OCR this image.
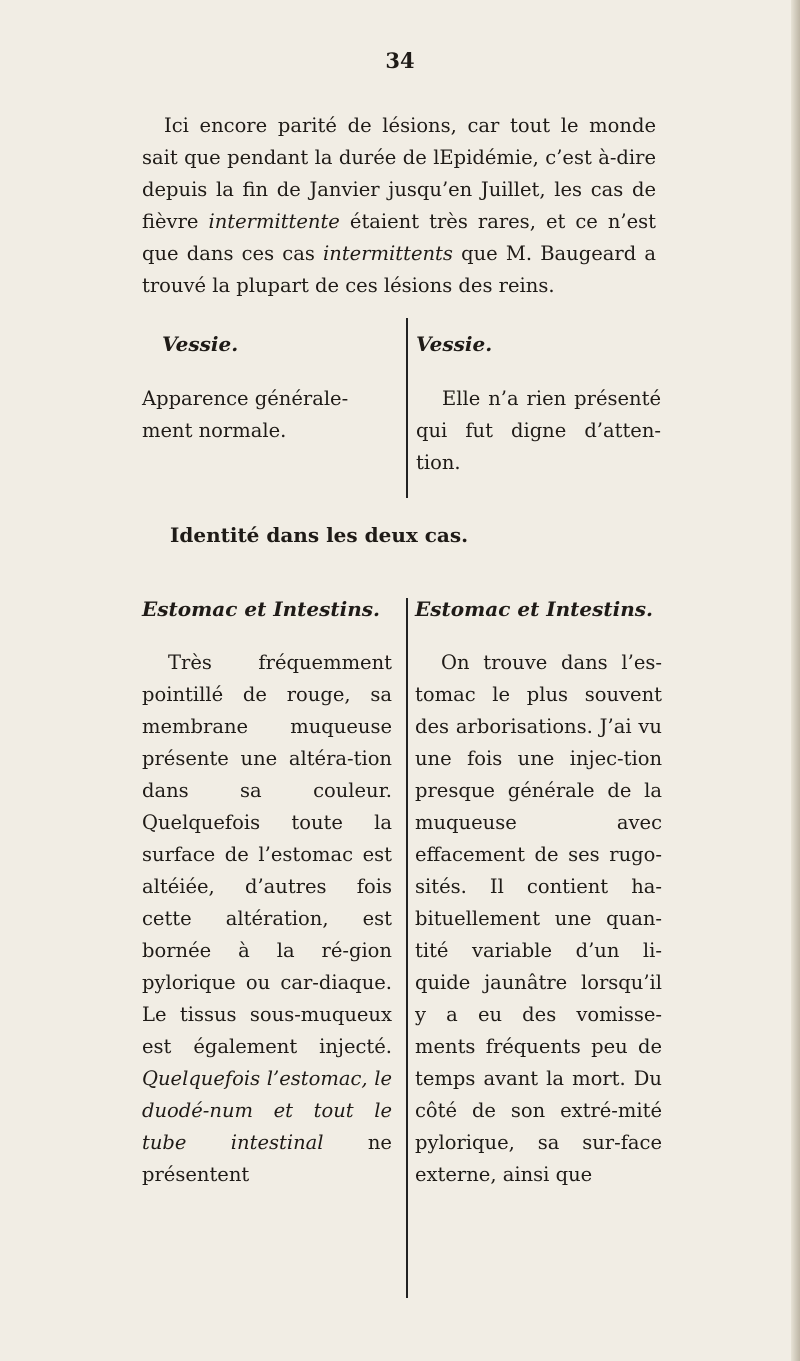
34

Ici encore parité de lésions, car tout le monde sait que pendant la durée de lEpidémie, c’est à-dire depuis la fin de Janvier jusqu’en Juillet, les cas de fièvre intermittente étaient très rares, et ce n’est que dans ces cas intermittents que M. Baugeard a trouvé la plupart de ces lésions des reins.

Vessie.

Apparence générale-ment normale.

Vessie.

Elle n’a rien présenté qui fut digne d’atten-tion.

Identité dans les deux cas.

Estomac et Intestins.

Très fréquemment pointillé de rouge, sa membrane muqueuse présente une altéra-tion dans sa couleur. Quelquefois toute la surface de l’estomac est altéiée, d’autres fois cette altération, est bornée à la ré-gion pylorique ou car-diaque. Le tissus sous-muqueux est également injecté. Quelquefois l’estomac, le duodé-num et tout le tube intestinal ne présentent

Estomac et Intestins.

On trouve dans l’es-tomac le plus souvent des arborisations. J’ai vu une fois une injec-tion presque générale de la muqueuse avec effacement de ses rugo-sités. Il contient ha-bituellement une quan-tité variable d’un li-quide jaunâtre lorsqu’il y a eu des vomisse-ments fréquents peu de temps avant la mort. Du côté de son extré-mité pylorique, sa sur-face externe, ainsi que
